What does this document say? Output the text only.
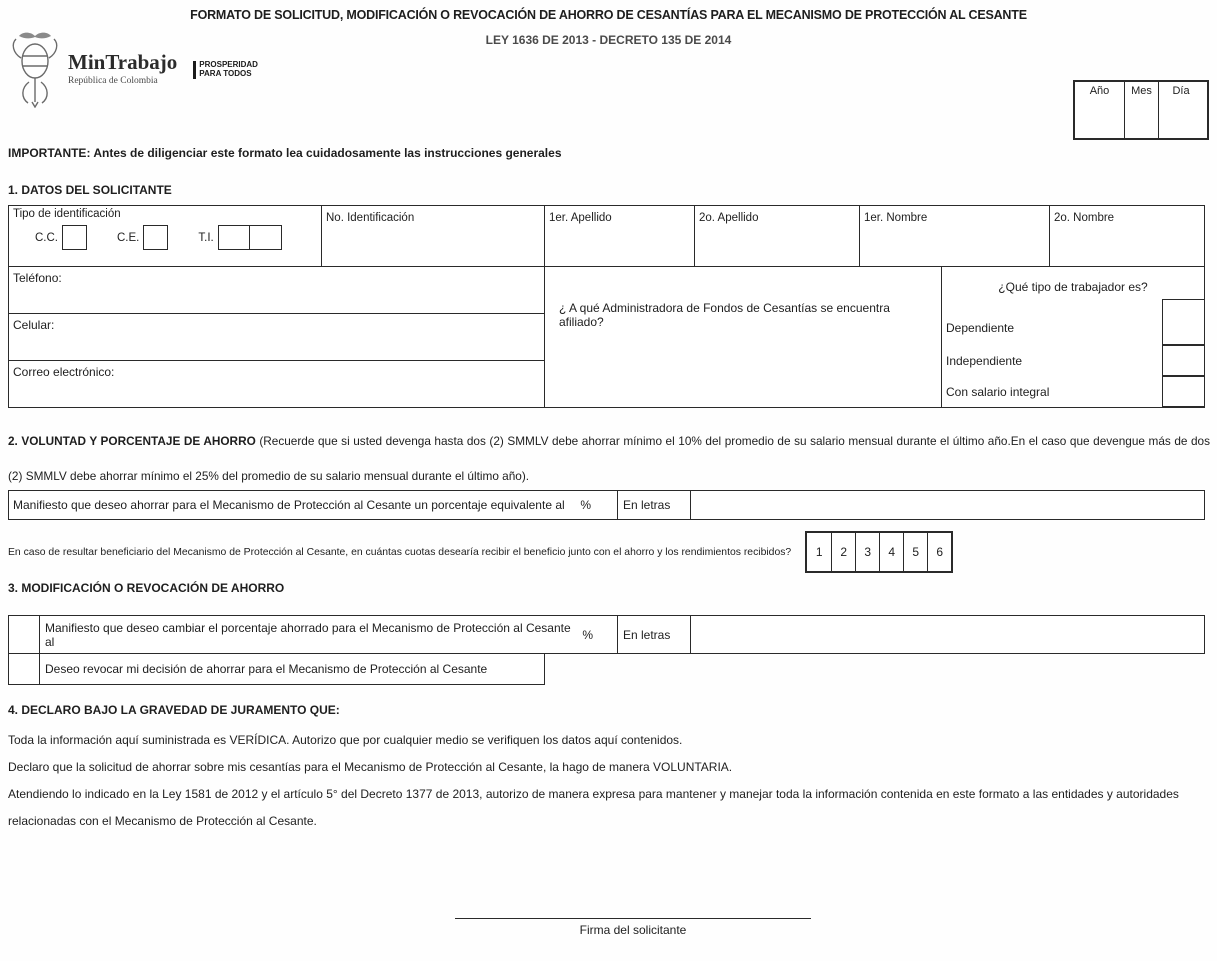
FORMATO DE SOLICITUD, MODIFICACIÓN O REVOCACIÓN DE AHORRO DE CESANTÍAS PARA EL MECANISMO DE PROTECCIÓN AL CESANTE
LEY 1636 DE 2013 - DECRETO 135 DE 2014
MinTrabajo
República de Colombia
PROSPERIDAD
PARA TODOS
Año	Mes	Día
IMPORTANTE: Antes de diligenciar este formato lea cuidadosamente las instrucciones generales
1. DATOS DEL SOLICITANTE
Tipo de identificación
C.C.	C.E.	T.I.
No. Identificación	1er. Apellido	2o. Apellido	1er. Nombre	2o. Nombre
Teléfono:
Celular:
Correo electrónico:
¿ A qué Administradora de Fondos de Cesantías se encuentra afiliado?
¿Qué tipo de trabajador es?
Dependiente
Independiente
Con salario integral
2. VOLUNTAD Y PORCENTAJE DE AHORRO (Recuerde que si usted devenga hasta dos (2) SMMLV debe ahorrar mínimo el 10% del promedio de su salario mensual durante el último año.En el caso que devengue más de dos (2) SMMLV debe ahorrar mínimo el 25% del promedio de su salario mensual durante el último año).
Manifiesto que deseo ahorrar para el Mecanismo de Protección al Cesante un porcentaje equivalente al %	En letras
En caso de resultar beneficiario del Mecanismo de Protección al Cesante, en cuántas cuotas desearía recibir el beneficio junto con el ahorro y los rendimientos recibidos?	1	2	3	4	5	6
3. MODIFICACIÓN O REVOCACIÓN DE AHORRO
Manifiesto que deseo cambiar el porcentaje ahorrado para el Mecanismo de Protección al Cesante al	%	En letras
Deseo revocar mi decisión de ahorrar para el Mecanismo de Protección al Cesante
4. DECLARO BAJO LA GRAVEDAD DE JURAMENTO QUE:

Toda la información aquí suministrada es VERÍDICA. Autorizo que por cualquier medio se verifiquen los datos aquí contenidos.

Declaro que la solicitud de ahorrar sobre mis cesantías para el Mecanismo de Protección al Cesante, la hago de manera VOLUNTARIA.

Atendiendo lo indicado en la Ley 1581 de 2012 y el artículo 5° del Decreto 1377 de 2013, autorizo de manera expresa para mantener y manejar toda la información contenida en este formato a las entidades y autoridades relacionadas con el Mecanismo de Protección al Cesante.

Firma del solicitante
